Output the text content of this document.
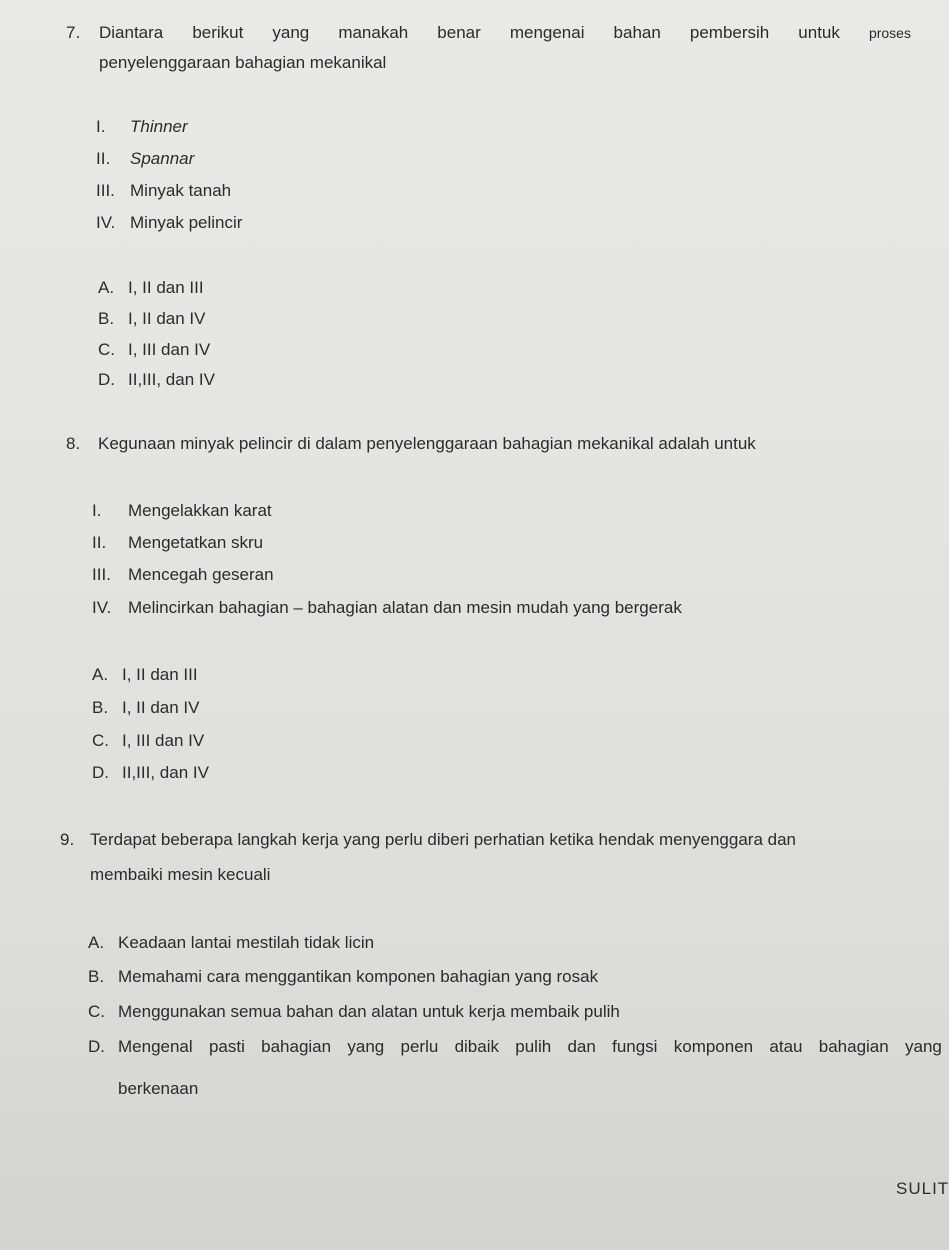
7. Diantara berikut yang manakah benar mengenai bahan pembersih untuk proses
penyelenggaraan bahagian mekanikal
I. Thinner
II. Spannar
III. Minyak tanah
IV. Minyak pelincir
A. I, II dan III
B. I, II dan IV
C. I, III dan IV
D. II,III, dan IV
8. Kegunaan minyak pelincir di dalam penyelenggaraan bahagian mekanikal adalah untuk
I. Mengelakkan karat
II. Mengetatkan skru
III. Mencegah geseran
IV. Melincirkan bahagian – bahagian alatan dan mesin mudah yang bergerak
A. I, II dan III
B. I, II dan IV
C. I, III dan IV
D. II,III, dan IV
9. Terdapat beberapa langkah kerja yang perlu diberi perhatian ketika hendak menyenggara dan
membaiki mesin kecuali
A. Keadaan lantai mestilah tidak licin
B. Memahami cara menggantikan komponen bahagian yang rosak
C. Menggunakan semua bahan dan alatan untuk kerja membaik pulih
D. Mengenal pasti bahagian yang perlu dibaik pulih dan fungsi komponen atau bahagian yang
berkenaan
SULIT
